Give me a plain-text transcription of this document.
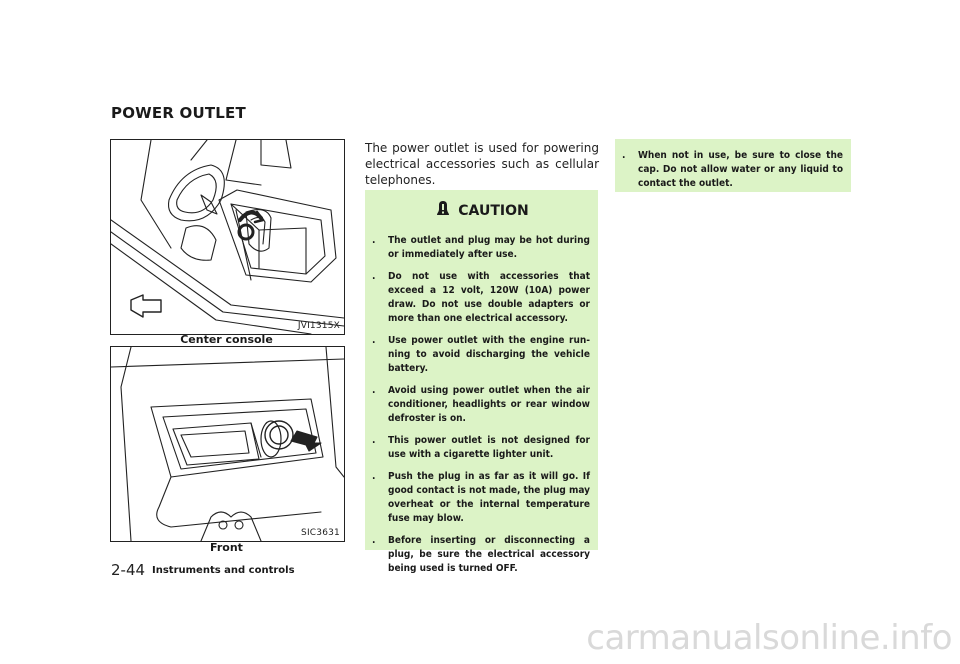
POWER OUTLET
JVI1315X
Center console
SIC3631
Front
The power outlet is used for powering electrical accessories such as cellular telephones.
CAUTION
. The outlet and plug may be hot during or immediately after use.
. Do not use with accessories that exceed a 12 volt, 120W (10A) power draw. Do not use double adapters or more than one electrical accessory.
. Use power outlet with the engine run-ning to avoid discharging the vehicle battery.
. Avoid using power outlet when the air conditioner, headlights or rear window defroster is on.
. This power outlet is not designed for use with a cigarette lighter unit.
. Push the plug in as far as it will go. If good contact is not made, the plug may overheat or the internal temperature fuse may blow.
. Before inserting or disconnecting a plug, be sure the electrical accessory being used is turned OFF.
. When not in use, be sure to close the cap. Do not allow water or any liquid to contact the outlet.
2-44 Instruments and controls
carmanualsonline.info
